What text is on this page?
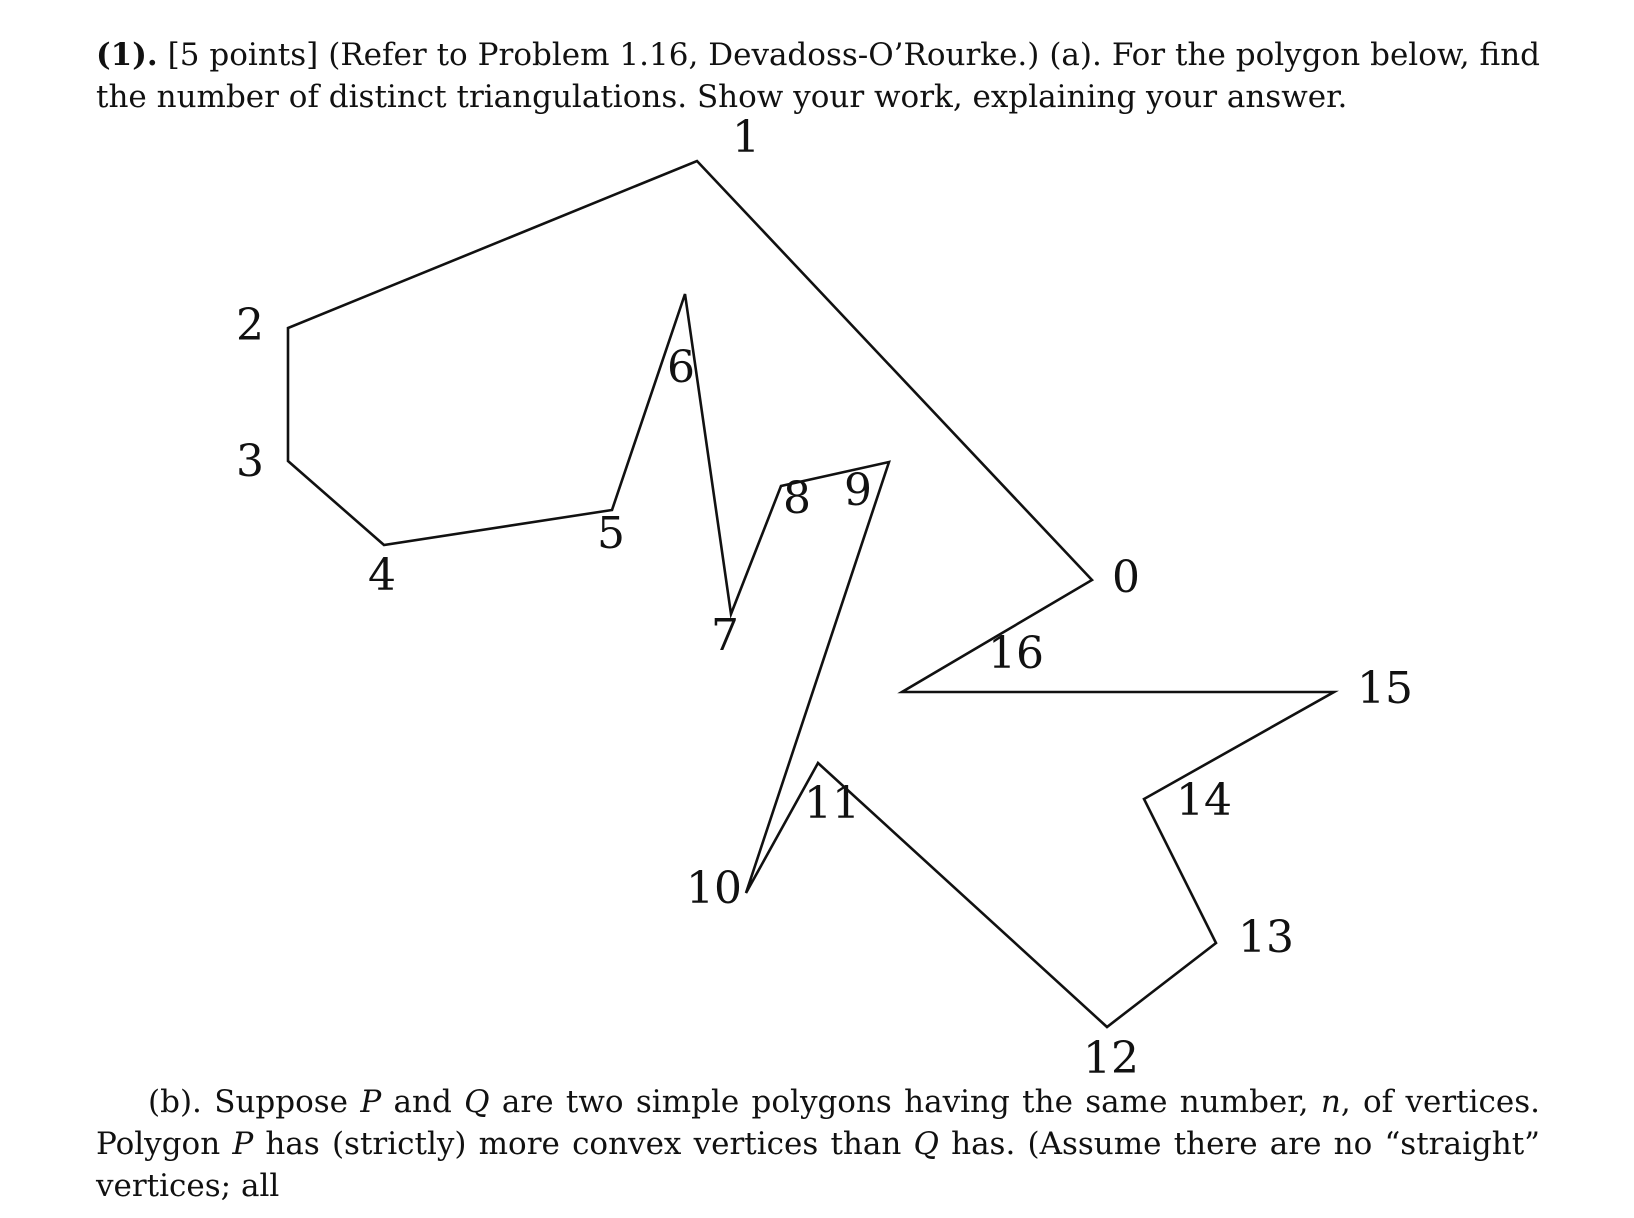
(1). [5 points] (Refer to Problem 1.16, Devadoss-O’Rourke.) (a). For the polygon below, find the number of distinct triangulations. Show your work, explaining your answer.

0
1
2
3
4
5
6
7
8 9
10
11
12
13
14
15
16

(b). Suppose P and Q are two simple polygons having the same number, n, of vertices. Polygon P has (strictly) more convex vertices than Q has. (Assume there are no “straight” vertices; all
